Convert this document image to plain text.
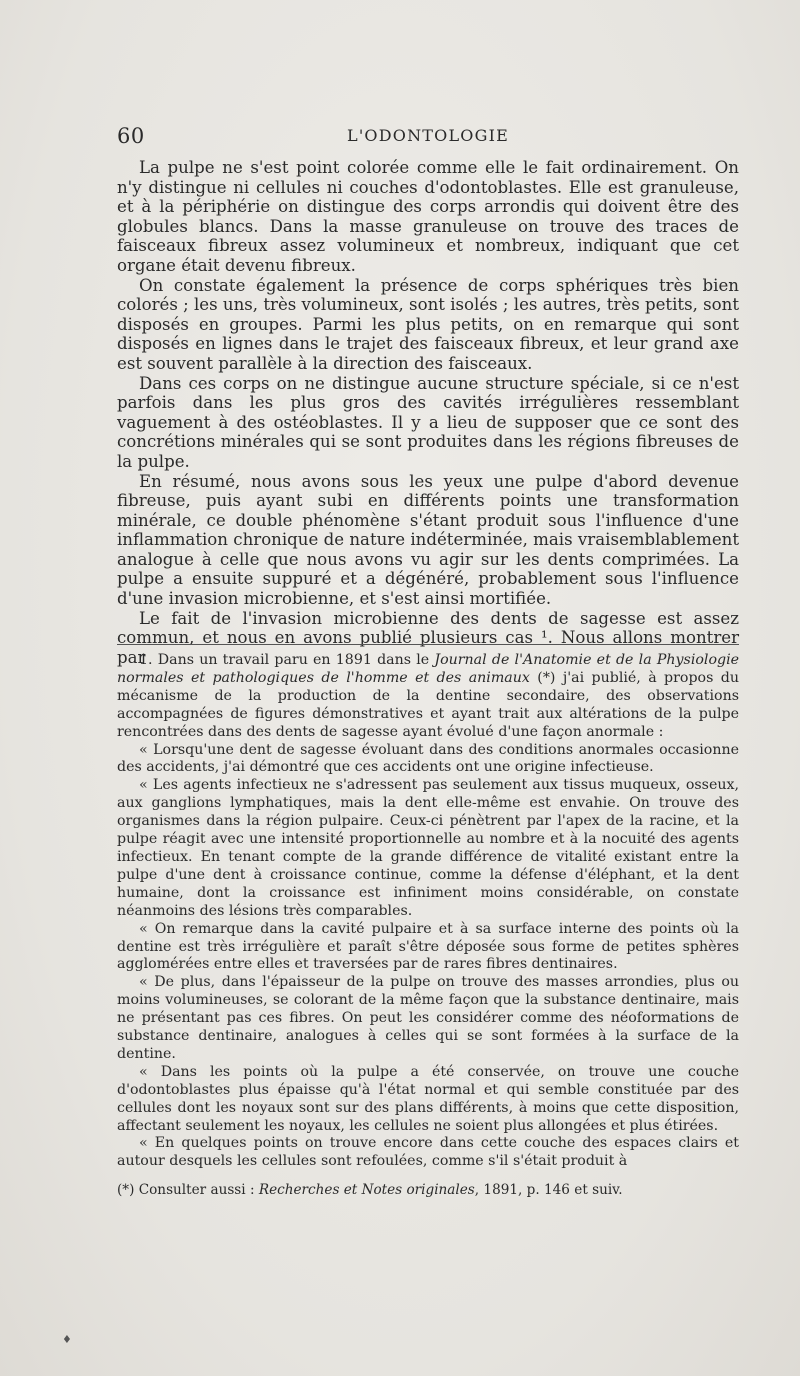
60	L'ODONTOLOGIE

La pulpe ne s'est point colorée comme elle le fait ordinairement. On n'y distingue ni cellules ni couches d'odontoblastes. Elle est granuleuse, et à la périphérie on distingue des corps arrondis qui doivent être des globules blancs. Dans la masse granuleuse on trouve des traces de faisceaux fibreux assez volumineux et nombreux, indiquant que cet organe était devenu fibreux.

On constate également la présence de corps sphériques très bien colorés ; les uns, très volumineux, sont isolés ; les autres, très petits, sont disposés en groupes. Parmi les plus petits, on en remarque qui sont disposés en lignes dans le trajet des faisceaux fibreux, et leur grand axe est souvent parallèle à la direction des faisceaux.

Dans ces corps on ne distingue aucune structure spéciale, si ce n'est parfois dans les plus gros des cavités irrégulières ressemblant vaguement à des ostéoblastes. Il y a lieu de supposer que ce sont des concrétions minérales qui se sont produites dans les régions fibreuses de la pulpe.

En résumé, nous avons sous les yeux une pulpe d'abord devenue fibreuse, puis ayant subi en différents points une transformation minérale, ce double phénomène s'étant produit sous l'influence d'une inflammation chronique de nature indéterminée, mais vraisemblablement analogue à celle que nous avons vu agir sur les dents comprimées. La pulpe a ensuite suppuré et a dégénéré, probablement sous l'influence d'une invasion microbienne, et s'est ainsi mortifiée.

Le fait de l'invasion microbienne des dents de sagesse est assez commun, et nous en avons publié plusieurs cas ¹. Nous allons montrer par

1. Dans un travail paru en 1891 dans le Journal de l'Anatomie et de la Physiologie normales et pathologiques de l'homme et des animaux (*) j'ai publié, à propos du mécanisme de la production de la dentine secondaire, des observations accompagnées de figures démonstratives et ayant trait aux altérations de la pulpe rencontrées dans des dents de sagesse ayant évolué d'une façon anormale :

« Lorsqu'une dent de sagesse évoluant dans des conditions anormales occasionne des accidents, j'ai démontré que ces accidents ont une origine infectieuse.

« Les agents infectieux ne s'adressent pas seulement aux tissus muqueux, osseux, aux ganglions lymphatiques, mais la dent elle-même est envahie. On trouve des organismes dans la région pulpaire. Ceux-ci pénètrent par l'apex de la racine, et la pulpe réagit avec une intensité proportionnelle au nombre et à la nocuité des agents infectieux. En tenant compte de la grande différence de vitalité existant entre la pulpe d'une dent à croissance continue, comme la défense d'éléphant, et la dent humaine, dont la croissance est infiniment moins considérable, on constate néanmoins des lésions très comparables.

« On remarque dans la cavité pulpaire et à sa surface interne des points où la dentine est très irrégulière et paraît s'être déposée sous forme de petites sphères agglomérées entre elles et traversées par de rares fibres dentinaires.

« De plus, dans l'épaisseur de la pulpe on trouve des masses arrondies, plus ou moins volumineuses, se colorant de la même façon que la substance dentinaire, mais ne présentant pas ces fibres. On peut les considérer comme des néoformations de substance dentinaire, analogues à celles qui se sont formées à la surface de la dentine.

« Dans les points où la pulpe a été conservée, on trouve une couche d'odontoblastes plus épaisse qu'à l'état normal et qui semble constituée par des cellules dont les noyaux sont sur des plans différents, à moins que cette disposition, affectant seulement les noyaux, les cellules ne soient plus allongées et plus étirées.

« En quelques points on trouve encore dans cette couche des espaces clairs et autour desquels les cellules sont refoulées, comme s'il s'était produit à

(*) Consulter aussi : Recherches et Notes originales, 1891, p. 146 et suiv.

♦
